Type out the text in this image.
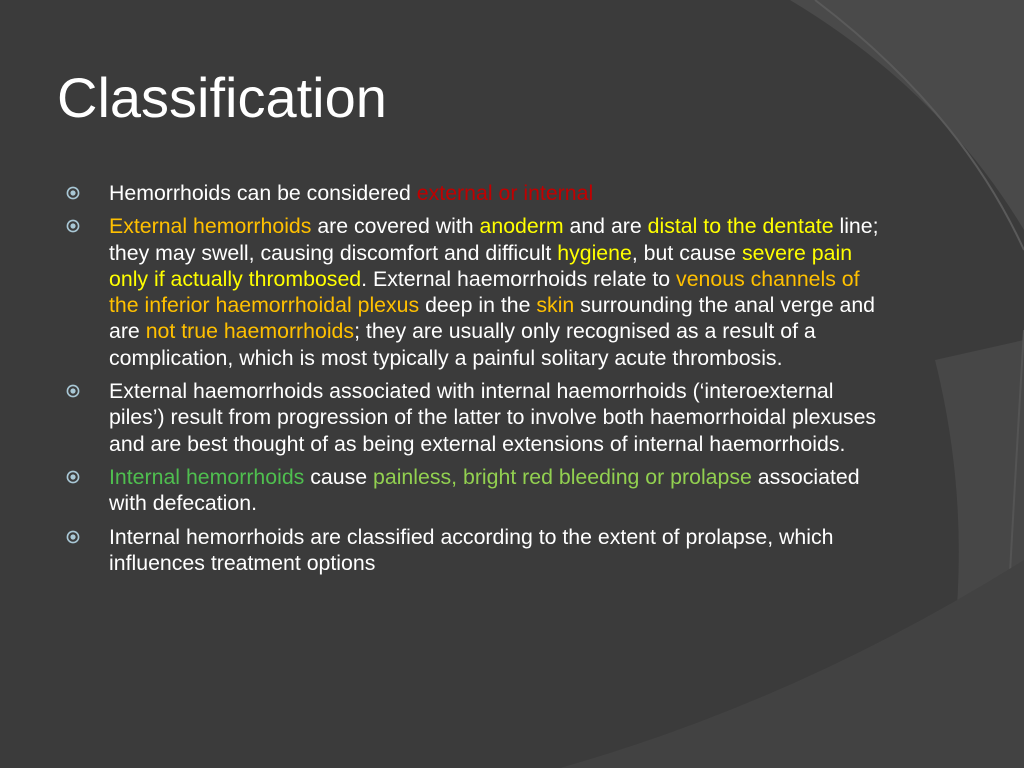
Classification
Hemorrhoids can be considered external or internal
External hemorrhoids are covered with anoderm and are distal to the dentate line; they may swell, causing discomfort and difficult hygiene, but cause severe pain only if actually thrombosed. External haemorrhoids relate to venous channels of the inferior haemorrhoidal plexus deep in the skin surrounding the anal verge and are not true haemorrhoids; they are usually only recognised as a result of a complication, which is most typically a painful solitary acute thrombosis.
External haemorrhoids associated with internal haemorrhoids (‘interoexternal piles’) result from progression of the latter to involve both haemorrhoidal plexuses and are best thought of as being external extensions of internal haemorrhoids.
Internal hemorrhoids cause painless, bright red bleeding or prolapse associated with defecation.
Internal hemorrhoids are classified according to the extent of prolapse, which influences treatment options
